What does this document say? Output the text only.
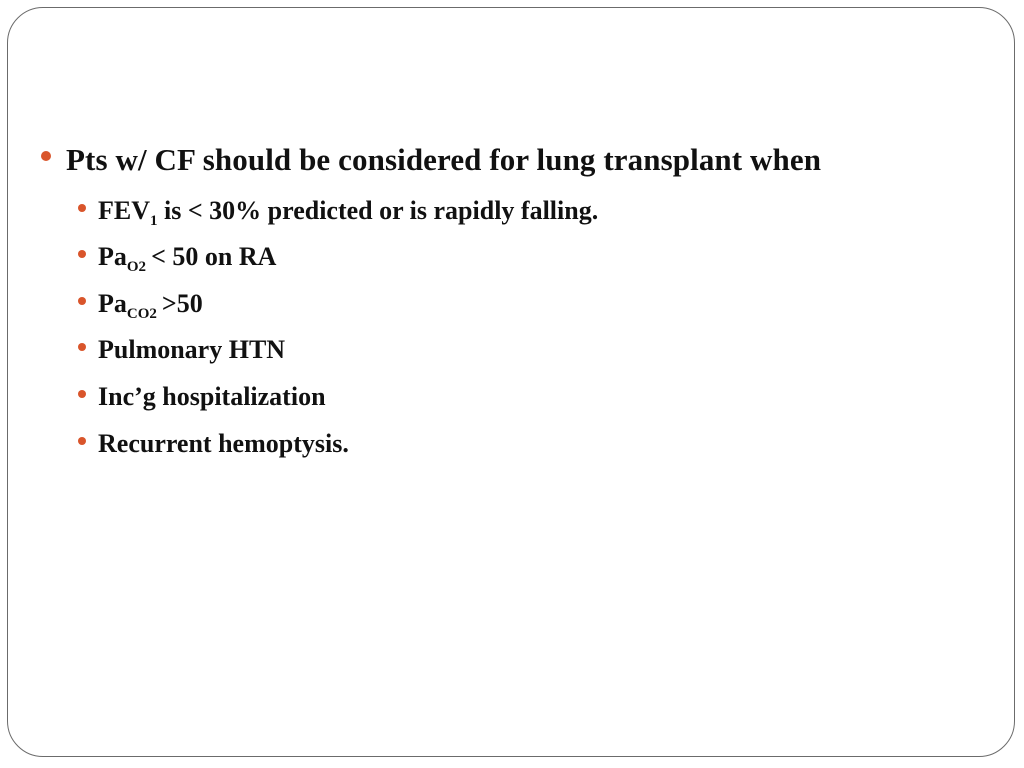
Pts w/ CF should be considered for lung transplant when
$FEV_1$ is < 30% predicted or is rapidly falling.
$Pa_{O2} < 50$ on RA
$Pa_{CO2} >50$
Pulmonary HTN
Inc’g hospitalization
Recurrent hemoptysis.
